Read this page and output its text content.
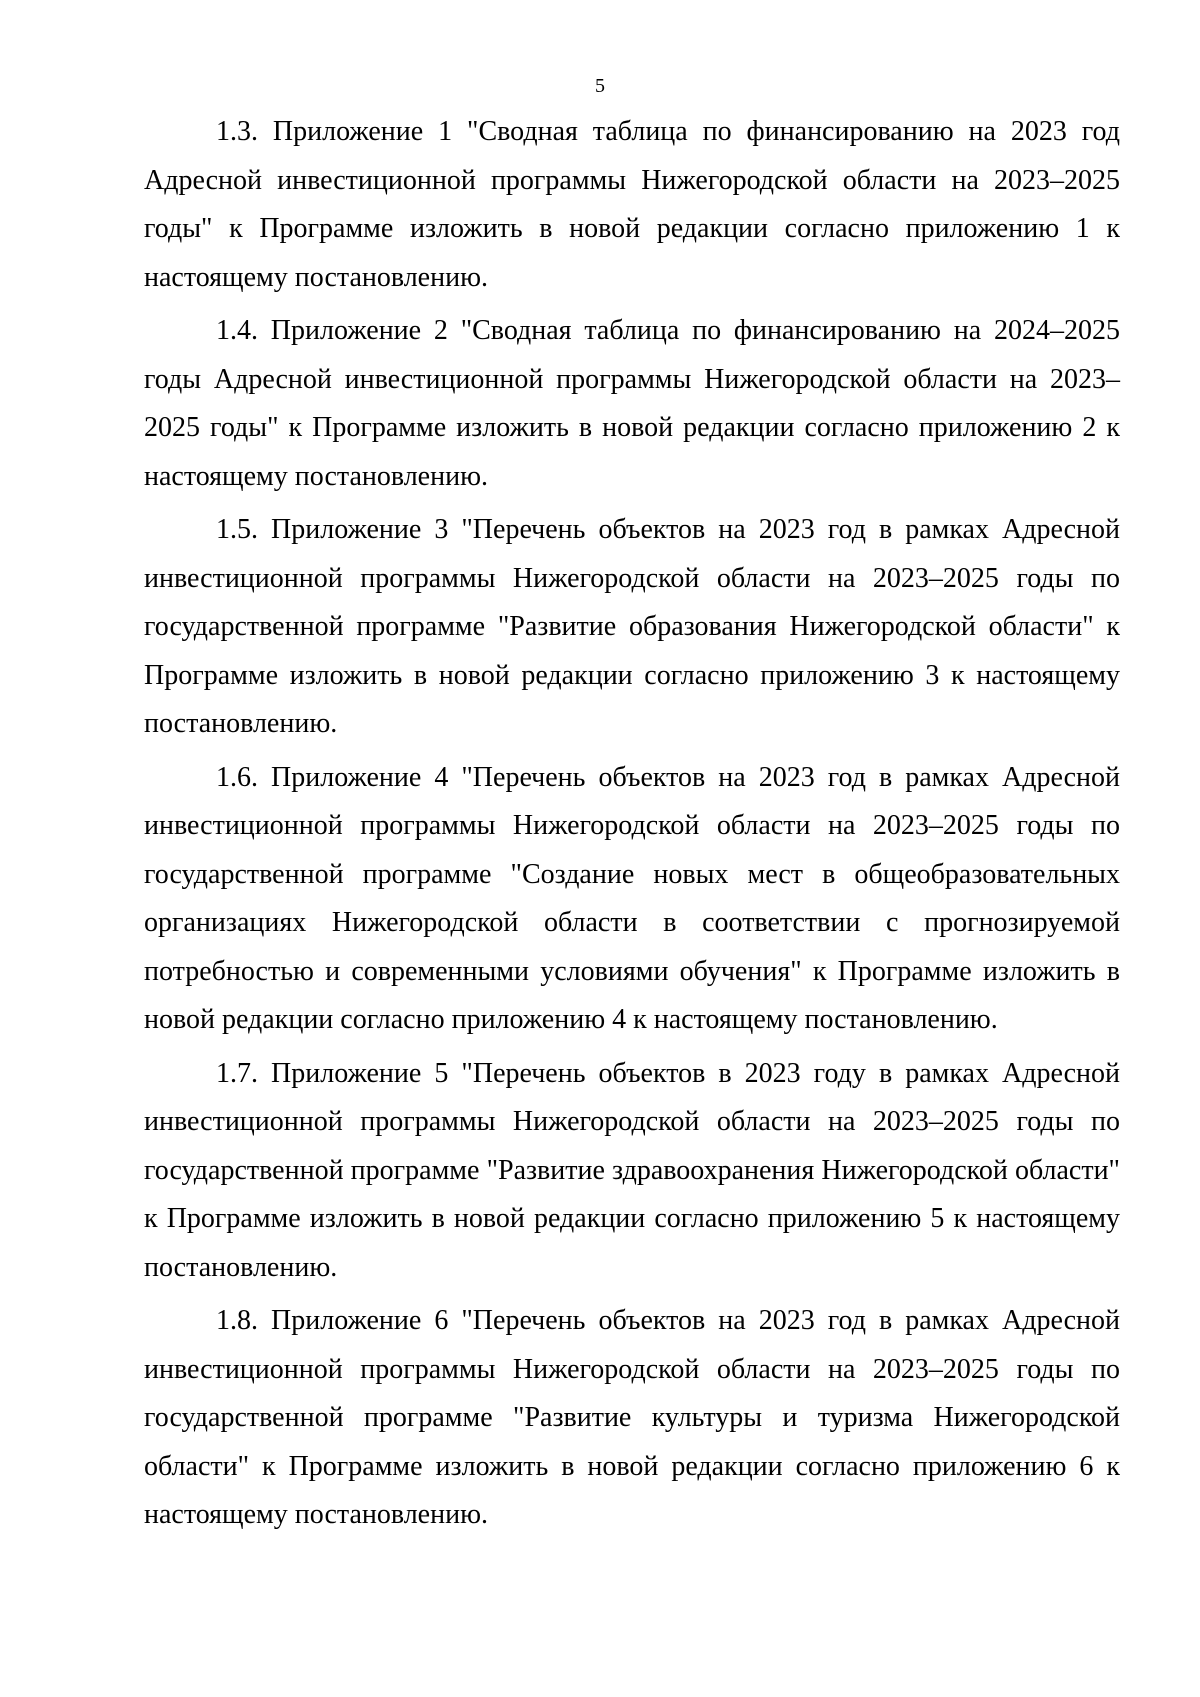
5

1.3. Приложение 1 "Сводная таблица по финансированию на 2023 год Адресной инвестиционной программы Нижегородской области на 2023–2025 годы" к Программе изложить в новой редакции согласно приложению 1 к настоящему постановлению.

1.4. Приложение 2 "Сводная таблица по финансированию на 2024–2025 годы Адресной инвестиционной программы Нижегородской области на 2023–2025 годы" к Программе изложить в новой редакции согласно приложению 2 к настоящему постановлению.

1.5. Приложение 3 "Перечень объектов на 2023 год в рамках Адресной инвестиционной программы Нижегородской области на 2023–2025 годы по государственной программе "Развитие образования Нижегородской области" к Программе изложить в новой редакции согласно приложению 3 к настоящему постановлению.

1.6. Приложение 4 "Перечень объектов на 2023 год в рамках Адресной инвестиционной программы Нижегородской области на 2023–2025 годы по государственной программе "Создание новых мест в общеобразовательных организациях Нижегородской области в соответствии с прогнозируемой потребностью и современными условиями обучения" к Программе изложить в новой редакции согласно приложению 4 к настоящему постановлению.

1.7. Приложение 5 "Перечень объектов в 2023 году в рамках Адресной инвестиционной программы Нижегородской области на 2023–2025 годы по государственной программе "Развитие здравоохранения Нижегородской области" к Программе изложить в новой редакции согласно приложению 5 к настоящему постановлению.

1.8. Приложение 6 "Перечень объектов на 2023 год в рамках Адресной инвестиционной программы Нижегородской области на 2023–2025 годы по государственной программе "Развитие культуры и туризма Нижегородской области" к Программе изложить в новой редакции согласно приложению 6 к настоящему постановлению.
